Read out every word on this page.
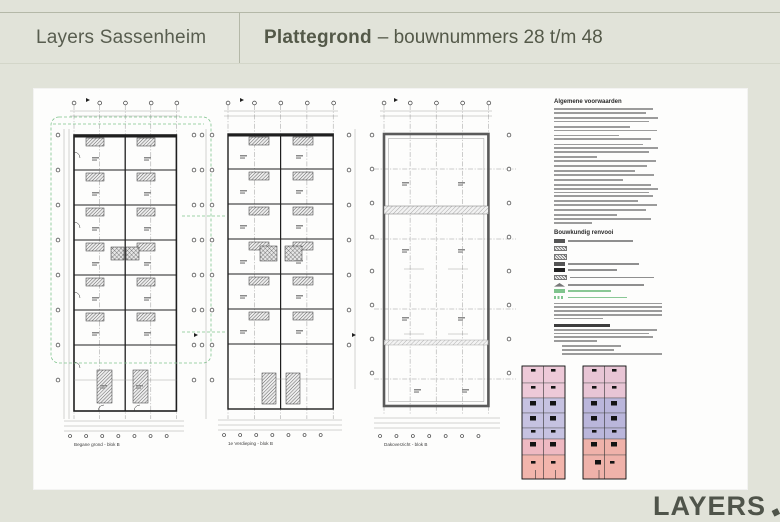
Layers Sassenheim	Plattegrond – bouwnummers 28 t/m 48
Begane grond - blok B	1e Verdieping - blok B	Dakoverzicht - blok B
Algemene voorwaarden
Bouwkundig renvooi
LAYERS
